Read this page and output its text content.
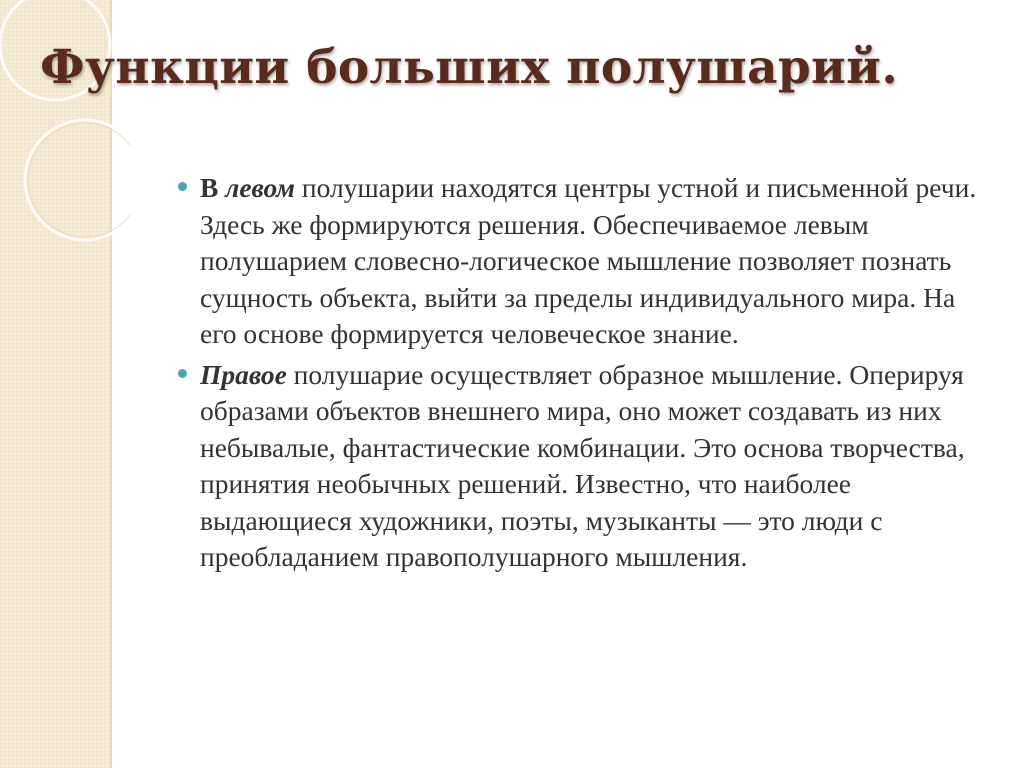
Функции больших полушарий.

В левом полушарии находятся центры устной и письменной речи. Здесь же формируются решения. Обеспечиваемое левым полушарием словесно-логическое мышление позволяет познать сущность объекта, выйти за пределы индивидуального мира. На его основе формируется человеческое знание.

Правое полушарие осуществляет образное мышление. Оперируя образами объектов внешнего мира, оно может создавать из них небывалые, фантастические комбинации. Это основа творчества, принятия необычных решений. Известно, что наиболее выдающиеся художники, поэты, музыканты — это люди с преобладанием правополушарного мышления.
